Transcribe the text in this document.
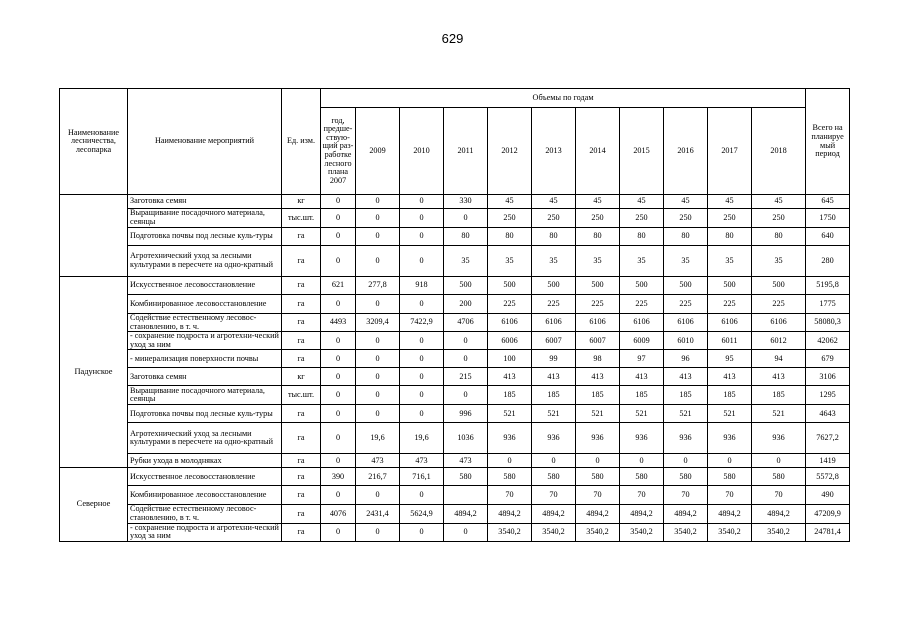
629
Наименование лесничества, лесопарка	Наименование мероприятий	Ед. изм.	Объемы по годам											Всего на планируе мый период
			год, предше-ствую-щий раз-работке лесного плана 2007	2009	2010	2011	2012	2013	2014	2015	2016	2017	2018	
	Заготовка семян	кг	0	0	0	330	45	45	45	45	45	45	45	645
	Выращивание посадочного материала, сеянцы	тыс.шт.	0	0	0	0	250	250	250	250	250	250	250	1750
	Подготовка почвы под лесные куль-туры	га	0	0	0	80	80	80	80	80	80	80	80	640
	Агротехнический уход за лесными культурами в пересчете на одно-кратный	га	0	0	0	35	35	35	35	35	35	35	35	280
Падунское	Искусственное лесовосстановление	га	621	277,8	918	500	500	500	500	500	500	500	500	5195,8
	Комбинированное лесовосстановление	га	0	0	0	200	225	225	225	225	225	225	225	1775
	Содействие естественному лесовос-становлению, в т. ч.	га	4493	3209,4	7422,9	4706	6106	6106	6106	6106	6106	6106	6106	58080,3
	- сохранение подроста и агротехни-ческий уход за ним	га	0	0	0	0	6006	6007	6007	6009	6010	6011	6012	42062
	- минерализация поверхности почвы	га	0	0	0	0	100	99	98	97	96	95	94	679
	Заготовка семян	кг	0	0	0	215	413	413	413	413	413	413	413	3106
	Выращивание посадочного материала, сеянцы	тыс.шт.	0	0	0	0	185	185	185	185	185	185	185	1295
	Подготовка почвы под лесные куль-туры	га	0	0	0	996	521	521	521	521	521	521	521	4643
	Агротехнический уход за лесными культурами в пересчете на одно-кратный	га	0	19,6	19,6	1036	936	936	936	936	936	936	936	7627,2
	Рубки ухода в молодняках	га	0	473	473	473	0	0	0	0	0	0	0	1419
Северное	Искусственное лесовосстановление	га	390	216,7	716,1	580	580	580	580	580	580	580	580	5572,8
	Комбинированное лесовосстановление	га	0	0	0		70	70	70	70	70	70	70	490
	Содействие естественному лесовос-становлению, в т. ч.	га	4076	2431,4	5624,9	4894,2	4894,2	4894,2	4894,2	4894,2	4894,2	4894,2	4894,2	47209,9
	- сохранение подроста и агротехни-ческий уход за ним	га	0	0	0	0	3540,2	3540,2	3540,2	3540,2	3540,2	3540,2	3540,2	24781,4
